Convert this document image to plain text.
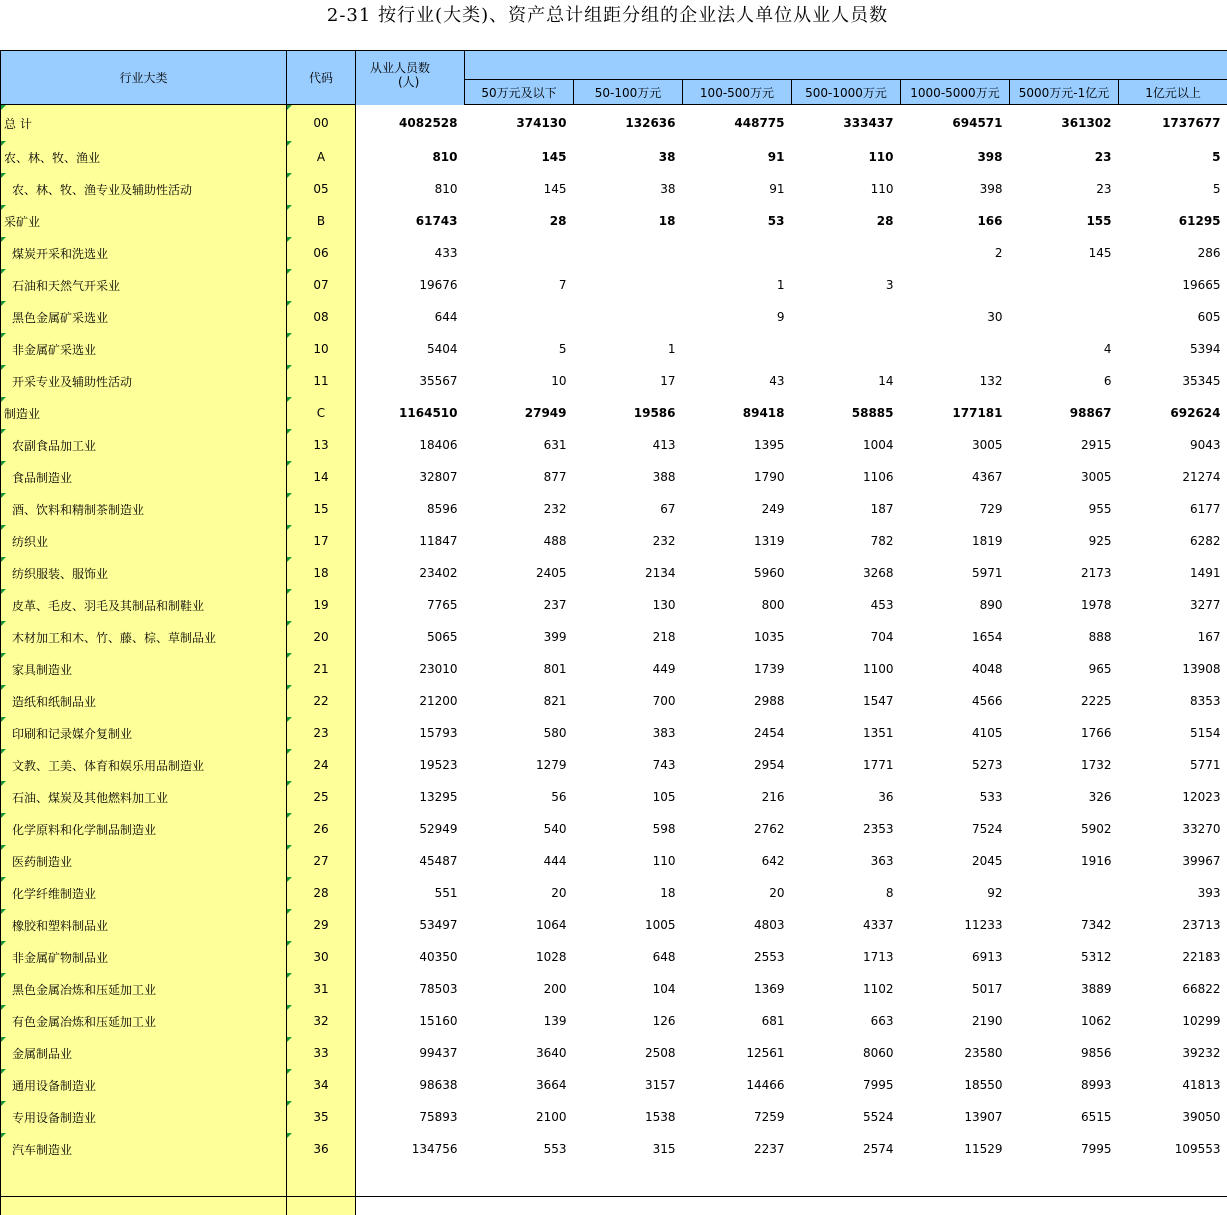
2-31 按行业(大类)、资产总计组距分组的企业法人单位从业人员数
行业大类	代码	从业人员数
(人)							

			50万元及以下	50-100万元	100-500万元	500-1000万元	1000-5000万元	5000万元-1亿元	1亿元以上
总 计	00	4082528	374130	132636	448775	333437	694571	361302	1737677
农、林、牧、渔业	A	810	145	38	91	110	398	23	5
农、林、牧、渔专业及辅助性活动	05	810	145	38	91	110	398	23	5
采矿业	B	61743	28	18	53	28	166	155	61295
煤炭开采和洗选业	06	433					2	145	286
石油和天然气开采业	07	19676	7		1	3			19665
黑色金属矿采选业	08	644			9		30		605
非金属矿采选业	10	5404	5	1				4	5394
开采专业及辅助性活动	11	35567	10	17	43	14	132	6	35345
制造业	C	1164510	27949	19586	89418	58885	177181	98867	692624
农副食品加工业	13	18406	631	413	1395	1004	3005	2915	9043
食品制造业	14	32807	877	388	1790	1106	4367	3005	21274
酒、饮料和精制茶制造业	15	8596	232	67	249	187	729	955	6177
纺织业	17	11847	488	232	1319	782	1819	925	6282
纺织服装、服饰业	18	23402	2405	2134	5960	3268	5971	2173	1491
皮革、毛皮、羽毛及其制品和制鞋业	19	7765	237	130	800	453	890	1978	3277
木材加工和木、竹、藤、棕、草制品业	20	5065	399	218	1035	704	1654	888	167
家具制造业	21	23010	801	449	1739	1100	4048	965	13908
造纸和纸制品业	22	21200	821	700	2988	1547	4566	2225	8353
印刷和记录媒介复制业	23	15793	580	383	2454	1351	4105	1766	5154
文教、工美、体育和娱乐用品制造业	24	19523	1279	743	2954	1771	5273	1732	5771
石油、煤炭及其他燃料加工业	25	13295	56	105	216	36	533	326	12023
化学原料和化学制品制造业	26	52949	540	598	2762	2353	7524	5902	33270
医药制造业	27	45487	444	110	642	363	2045	1916	39967
化学纤维制造业	28	551	20	18	20	8	92		393
橡胶和塑料制品业	29	53497	1064	1005	4803	4337	11233	7342	23713
非金属矿物制品业	30	40350	1028	648	2553	1713	6913	5312	22183
黑色金属冶炼和压延加工业	31	78503	200	104	1369	1102	5017	3889	66822
有色金属冶炼和压延加工业	32	15160	139	126	681	663	2190	1062	10299
金属制品业	33	99437	3640	2508	12561	8060	23580	9856	39232
通用设备制造业	34	98638	3664	3157	14466	7995	18550	8993	41813
专用设备制造业	35	75893	2100	1538	7259	5524	13907	6515	39050
汽车制造业	36	134756	553	315	2237	2574	11529	7995	109553
